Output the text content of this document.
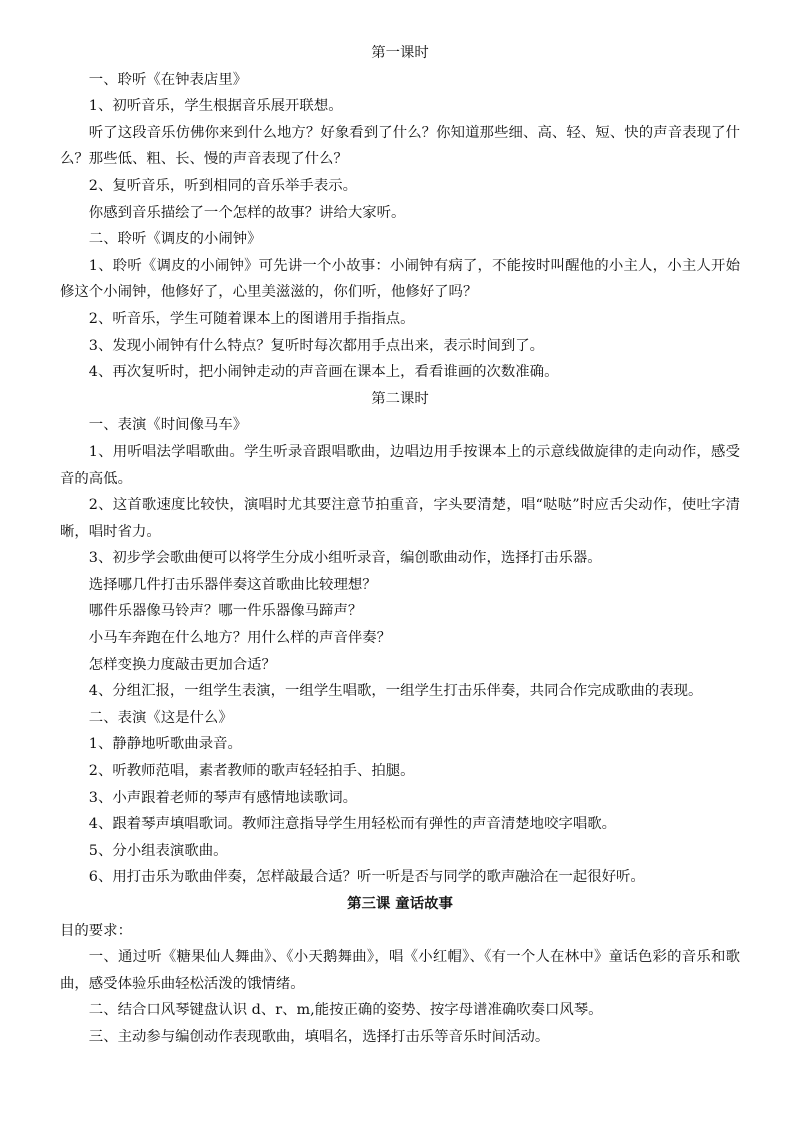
第一课时

一、聆听《在钟表店里》

1、初听音乐，学生根据音乐展开联想。

听了这段音乐仿佛你来到什么地方？好象看到了什么？你知道那些细、高、轻、短、快的声音表现了什么？那些低、粗、长、慢的声音表现了什么？

2、复听音乐，听到相同的音乐举手表示。

你感到音乐描绘了一个怎样的故事？讲给大家听。

二、聆听《调皮的小闹钟》

1、聆听《调皮的小闹钟》可先讲一个小故事：小闹钟有病了，不能按时叫醒他的小主人，小主人开始修这个小闹钟，他修好了，心里美滋滋的，你们听，他修好了吗？

2、听音乐，学生可随着课本上的图谱用手指指点。

3、发现小闹钟有什么特点？复听时每次都用手点出来，表示时间到了。

4、再次复听时，把小闹钟走动的声音画在课本上，看看谁画的次数准确。

第二课时

一、表演《时间像马车》

1、用听唱法学唱歌曲。学生听录音跟唱歌曲，边唱边用手按课本上的示意线做旋律的走向动作，感受音的高低。

2、这首歌速度比较快，演唱时尤其要注意节拍重音，字头要清楚，唱“哒哒”时应舌尖动作，使吐字清晰，唱时省力。

3、初步学会歌曲便可以将学生分成小组听录音，编创歌曲动作，选择打击乐器。

选择哪几件打击乐器伴奏这首歌曲比较理想？

哪件乐器像马铃声？哪一件乐器像马蹄声？

小马车奔跑在什么地方？用什么样的声音伴奏？

怎样变换力度敲击更加合适？

4、分组汇报，一组学生表演，一组学生唱歌，一组学生打击乐伴奏，共同合作完成歌曲的表现。

二、表演《这是什么》

1、静静地听歌曲录音。

2、听教师范唱，素者教师的歌声轻轻拍手、拍腿。

3、小声跟着老师的琴声有感情地读歌词。

4、跟着琴声填唱歌词。教师注意指导学生用轻松而有弹性的声音清楚地咬字唱歌。

5、分小组表演歌曲。

6、用打击乐为歌曲伴奏，怎样敲最合适？听一听是否与同学的歌声融洽在一起很好听。

第三课 童话故事

目的要求：

一、通过听《糖果仙人舞曲》、《小天鹅舞曲》，唱《小红帽》、《有一个人在林中》童话色彩的音乐和歌曲，感受体验乐曲轻松活泼的饿情绪。

二、结合口风琴键盘认识 d、r、m,能按正确的姿势、按字母谱准确吹奏口风琴。

三、主动参与编创动作表现歌曲，填唱名，选择打击乐等音乐时间活动。
